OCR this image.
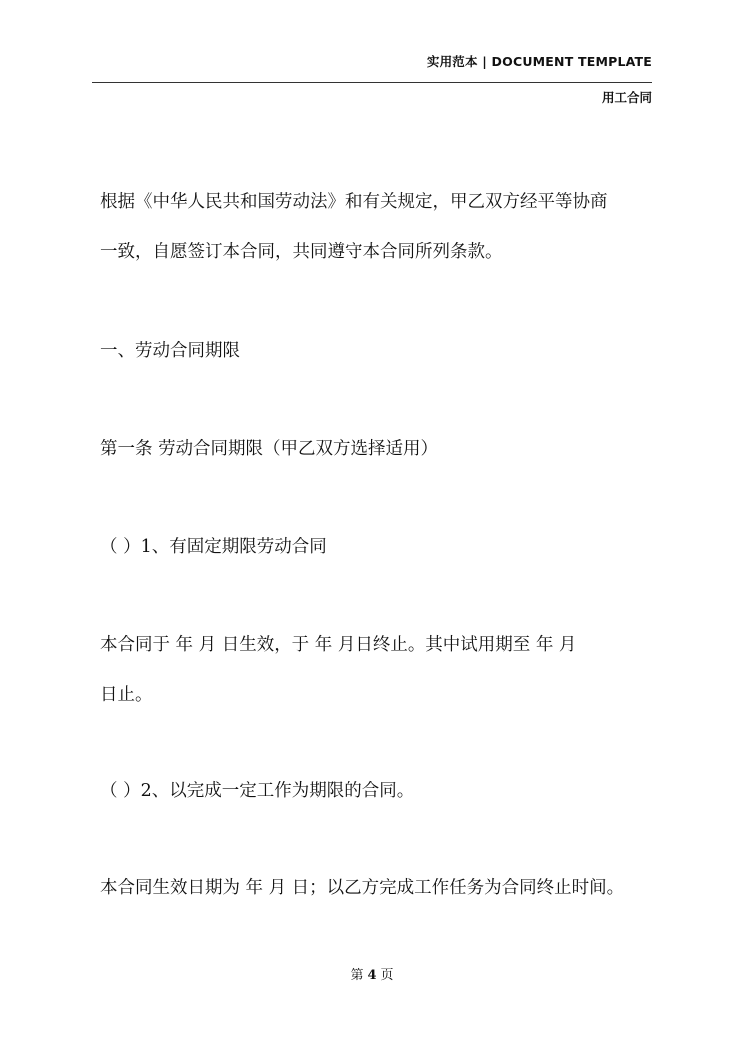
实用范本 | DOCUMENT TEMPLATE
用工合同

根据《中华人民共和国劳动法》和有关规定，甲乙双方经平等协商

一致，自愿签订本合同，共同遵守本合同所列条款。

一、劳动合同期限

第一条 劳动合同期限（甲乙双方选择适用）

（ ）1、有固定期限劳动合同

本合同于 年 月 日生效，于 年 月日终止。其中试用期至 年 月

日止。

（ ）2、以完成一定工作为期限的合同。

本合同生效日期为 年 月 日；以乙方完成工作任务为合同终止时间。

第 4 页
